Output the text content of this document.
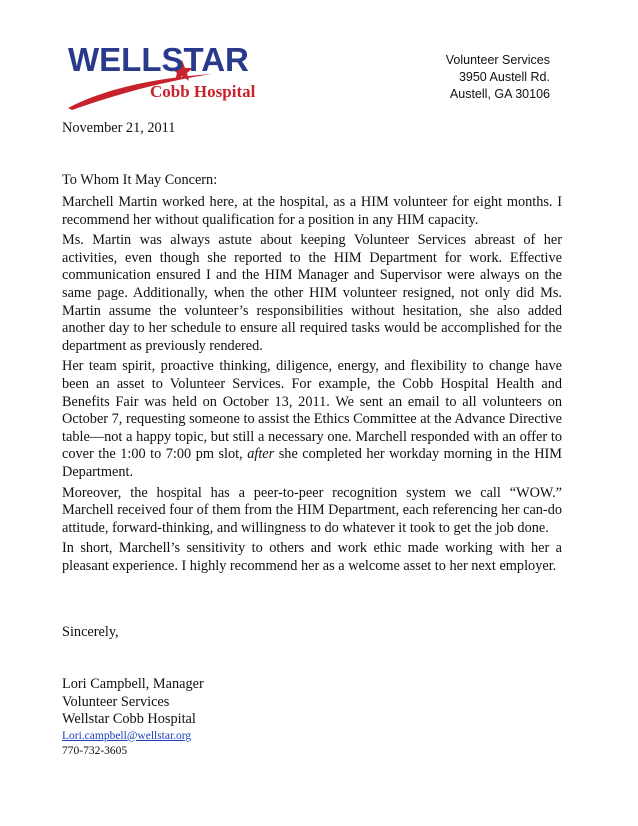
WELLSTAR
Cobb Hospital
Volunteer Services
3950 Austell Rd.
Austell, GA 30106
November 21, 2011
To Whom It May Concern:

Marchell Martin worked here, at the hospital, as a HIM volunteer for eight months. I recommend her without qualification for a position in any HIM capacity.

Ms. Martin was always astute about keeping Volunteer Services abreast of her activities, even though she reported to the HIM Department for work. Effective communication ensured I and the HIM Manager and Supervisor were always on the same page. Additionally, when the other HIM volunteer resigned, not only did Ms. Martin assume the volunteer’s responsibilities without hesitation, she also added another day to her schedule to ensure all required tasks would be accomplished for the department as previously rendered.

Her team spirit, proactive thinking, diligence, energy, and flexibility to change have been an asset to Volunteer Services. For example, the Cobb Hospital Health and Benefits Fair was held on October 13, 2011. We sent an email to all volunteers on October 7, requesting someone to assist the Ethics Committee at the Advance Directive table—not a happy topic, but still a necessary one. Marchell responded with an offer to cover the 1:00 to 7:00 pm slot, after she completed her workday morning in the HIM Department.

Moreover, the hospital has a peer-to-peer recognition system we call “WOW.” Marchell received four of them from the HIM Department, each referencing her can-do attitude, forward-thinking, and willingness to do whatever it took to get the job done.

In short, Marchell’s sensitivity to others and work ethic made working with her a pleasant experience. I highly recommend her as a welcome asset to her next employer.

Sincerely,
Lori Campbell, Manager
Volunteer Services
Wellstar Cobb Hospital
Lori.campbell@wellstar.org
770-732-3605
